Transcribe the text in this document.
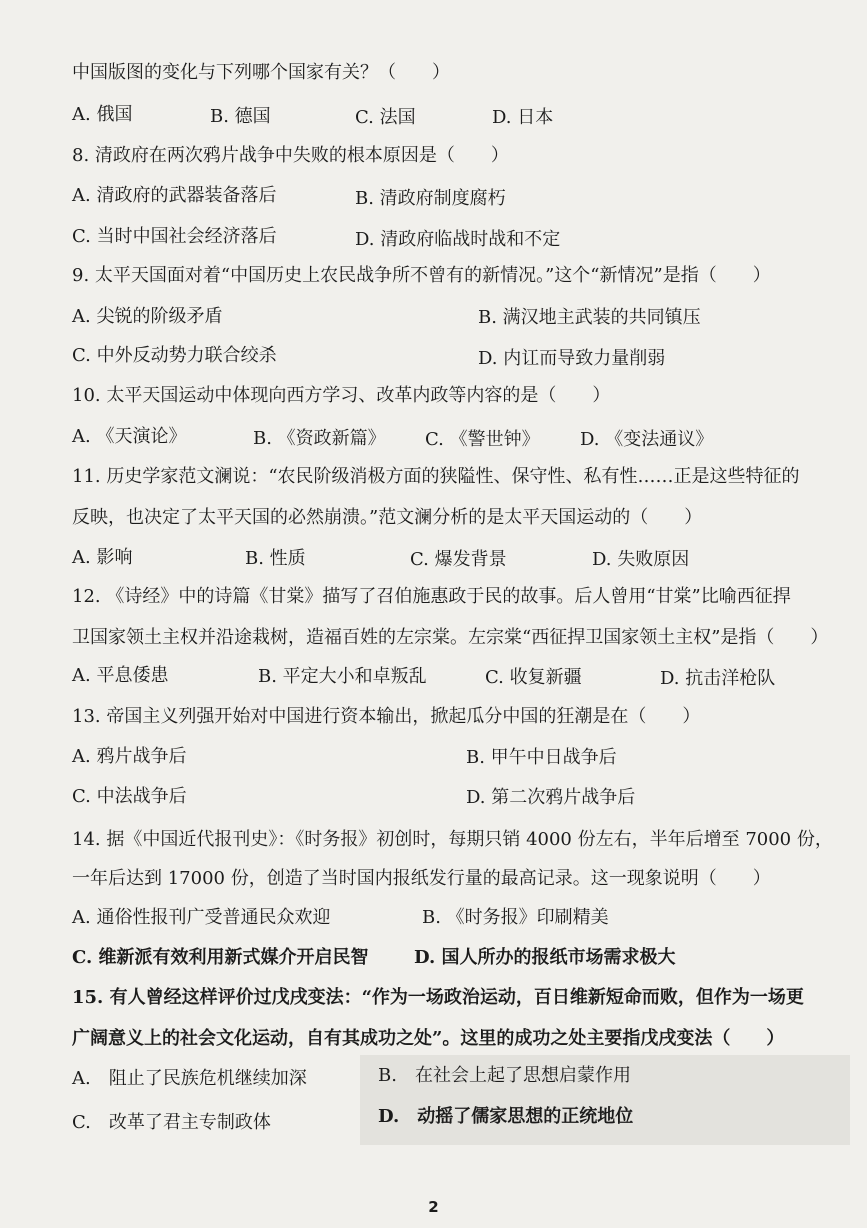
中国版图的变化与下列哪个国家有关？（　　）
A. 俄国	B. 德国	C. 法国	D. 日本
8. 清政府在两次鸦片战争中失败的根本原因是（　　）
A. 清政府的武器装备落后	B. 清政府制度腐朽
C. 当时中国社会经济落后	D. 清政府临战时战和不定
9. 太平天国面对着“中国历史上农民战争所不曾有的新情况。”这个“新情况”是指（　　）
A. 尖锐的阶级矛盾	B. 满汉地主武装的共同镇压
C. 中外反动势力联合绞杀	D. 内讧而导致力量削弱
10. 太平天国运动中体现向西方学习、改革内政等内容的是（　　）
A. 《天演论》	B. 《资政新篇》 C. 《警世钟》 D. 《变法通议》
11. 历史学家范文澜说：“农民阶级消极方面的狭隘性、保守性、私有性……正是这些特征的
反映，也决定了太平天国的必然崩溃。”范文澜分析的是太平天国运动的（　　）
A. 影响	B. 性质	C. 爆发背景	D. 失败原因
12. 《诗经》中的诗篇《甘棠》描写了召伯施惠政于民的故事。后人曾用“甘棠”比喻西征捍
卫国家领土主权并沿途栽树，造福百姓的左宗棠。左宗棠“西征捍卫国家领土主权”是指（　　）
A. 平息倭患	B. 平定大小和卓叛乱	C. 收复新疆	D. 抗击洋枪队
13. 帝国主义列强开始对中国进行资本输出，掀起瓜分中国的狂潮是在（　　）
A. 鸦片战争后	B. 甲午中日战争后
C. 中法战争后	D. 第二次鸦片战争后
14. 据《中国近代报刊史》：《时务报》初创时，每期只销 4000 份左右，半年后增至 7000 份，
一年后达到 17000 份，创造了当时国内报纸发行量的最高记录。这一现象说明（　　）
A. 通俗性报刊广受普通民众欢迎	B. 《时务报》印刷精美
C. 维新派有效利用新式媒介开启民智	D. 国人所办的报纸市场需求极大
15. 有人曾经这样评价过戊戌变法：“作为一场政治运动，百日维新短命而败，但作为一场更
广阔意义上的社会文化运动，自有其成功之处”。这里的成功之处主要指戊戌变法（　　）
A.　阻止了民族危机继续加深	B.　在社会上起了思想启蒙作用
C.　改革了君主专制政体	D.　动摇了儒家思想的正统地位
2
